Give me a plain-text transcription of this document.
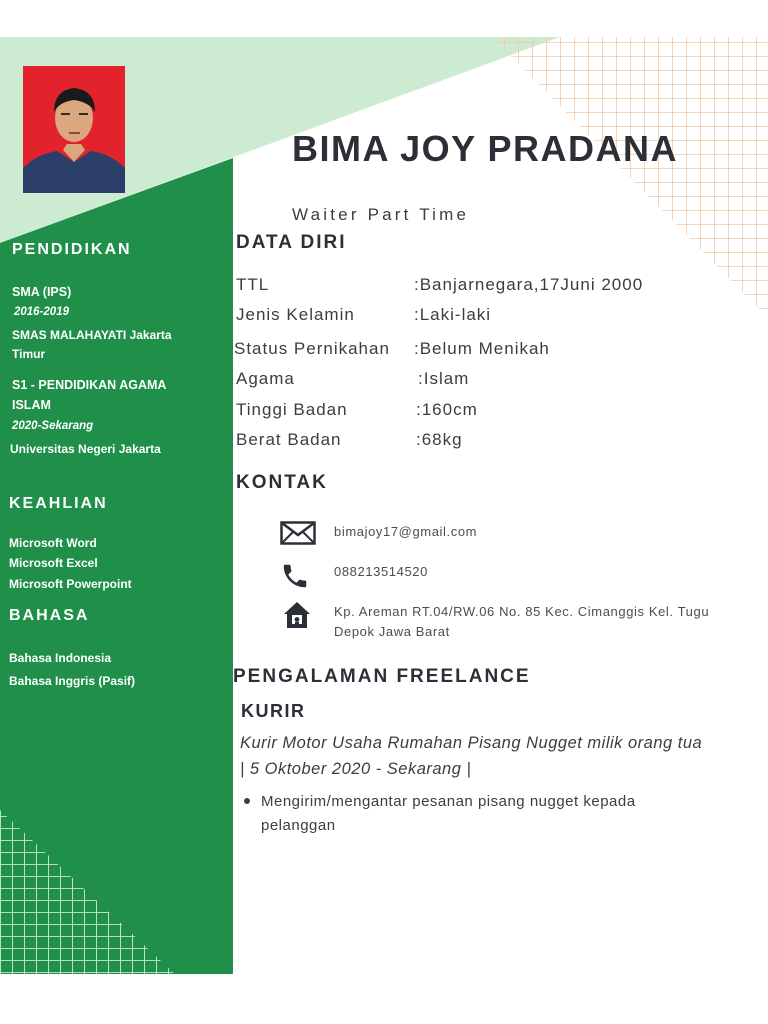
BIMA JOY PRADANA
Waiter Part Time
PENDIDIKAN
SMA (IPS)
2016-2019
SMAS MALAHAYATI Jakarta
Timur
S1 - PENDIDIKAN AGAMA
ISLAM
2020-Sekarang
Universitas Negeri Jakarta
KEAHLIAN
Microsoft Word
Microsoft Excel
Microsoft Powerpoint
BAHASA
Bahasa Indonesia
Bahasa Inggris (Pasif)
DATA DIRI
TTL	:Banjarnegara,17Juni 2000
Jenis Kelamin	:Laki-laki
Status Pernikahan :Belum Menikah
Agama	:Islam
Tinggi Badan	:160cm
Berat Badan	:68kg
KONTAK
bimajoy17@gmail.com
088213514520
Kp. Areman RT.04/RW.06 No. 85 Kec. Cimanggis Kel. Tugu
Depok Jawa Barat
PENGALAMAN FREELANCE
KURIR
Kurir Motor Usaha Rumahan Pisang Nugget milik orang tua
| 5 Oktober 2020 - Sekarang |
Mengirim/mengantar pesanan pisang nugget kepada
pelanggan
